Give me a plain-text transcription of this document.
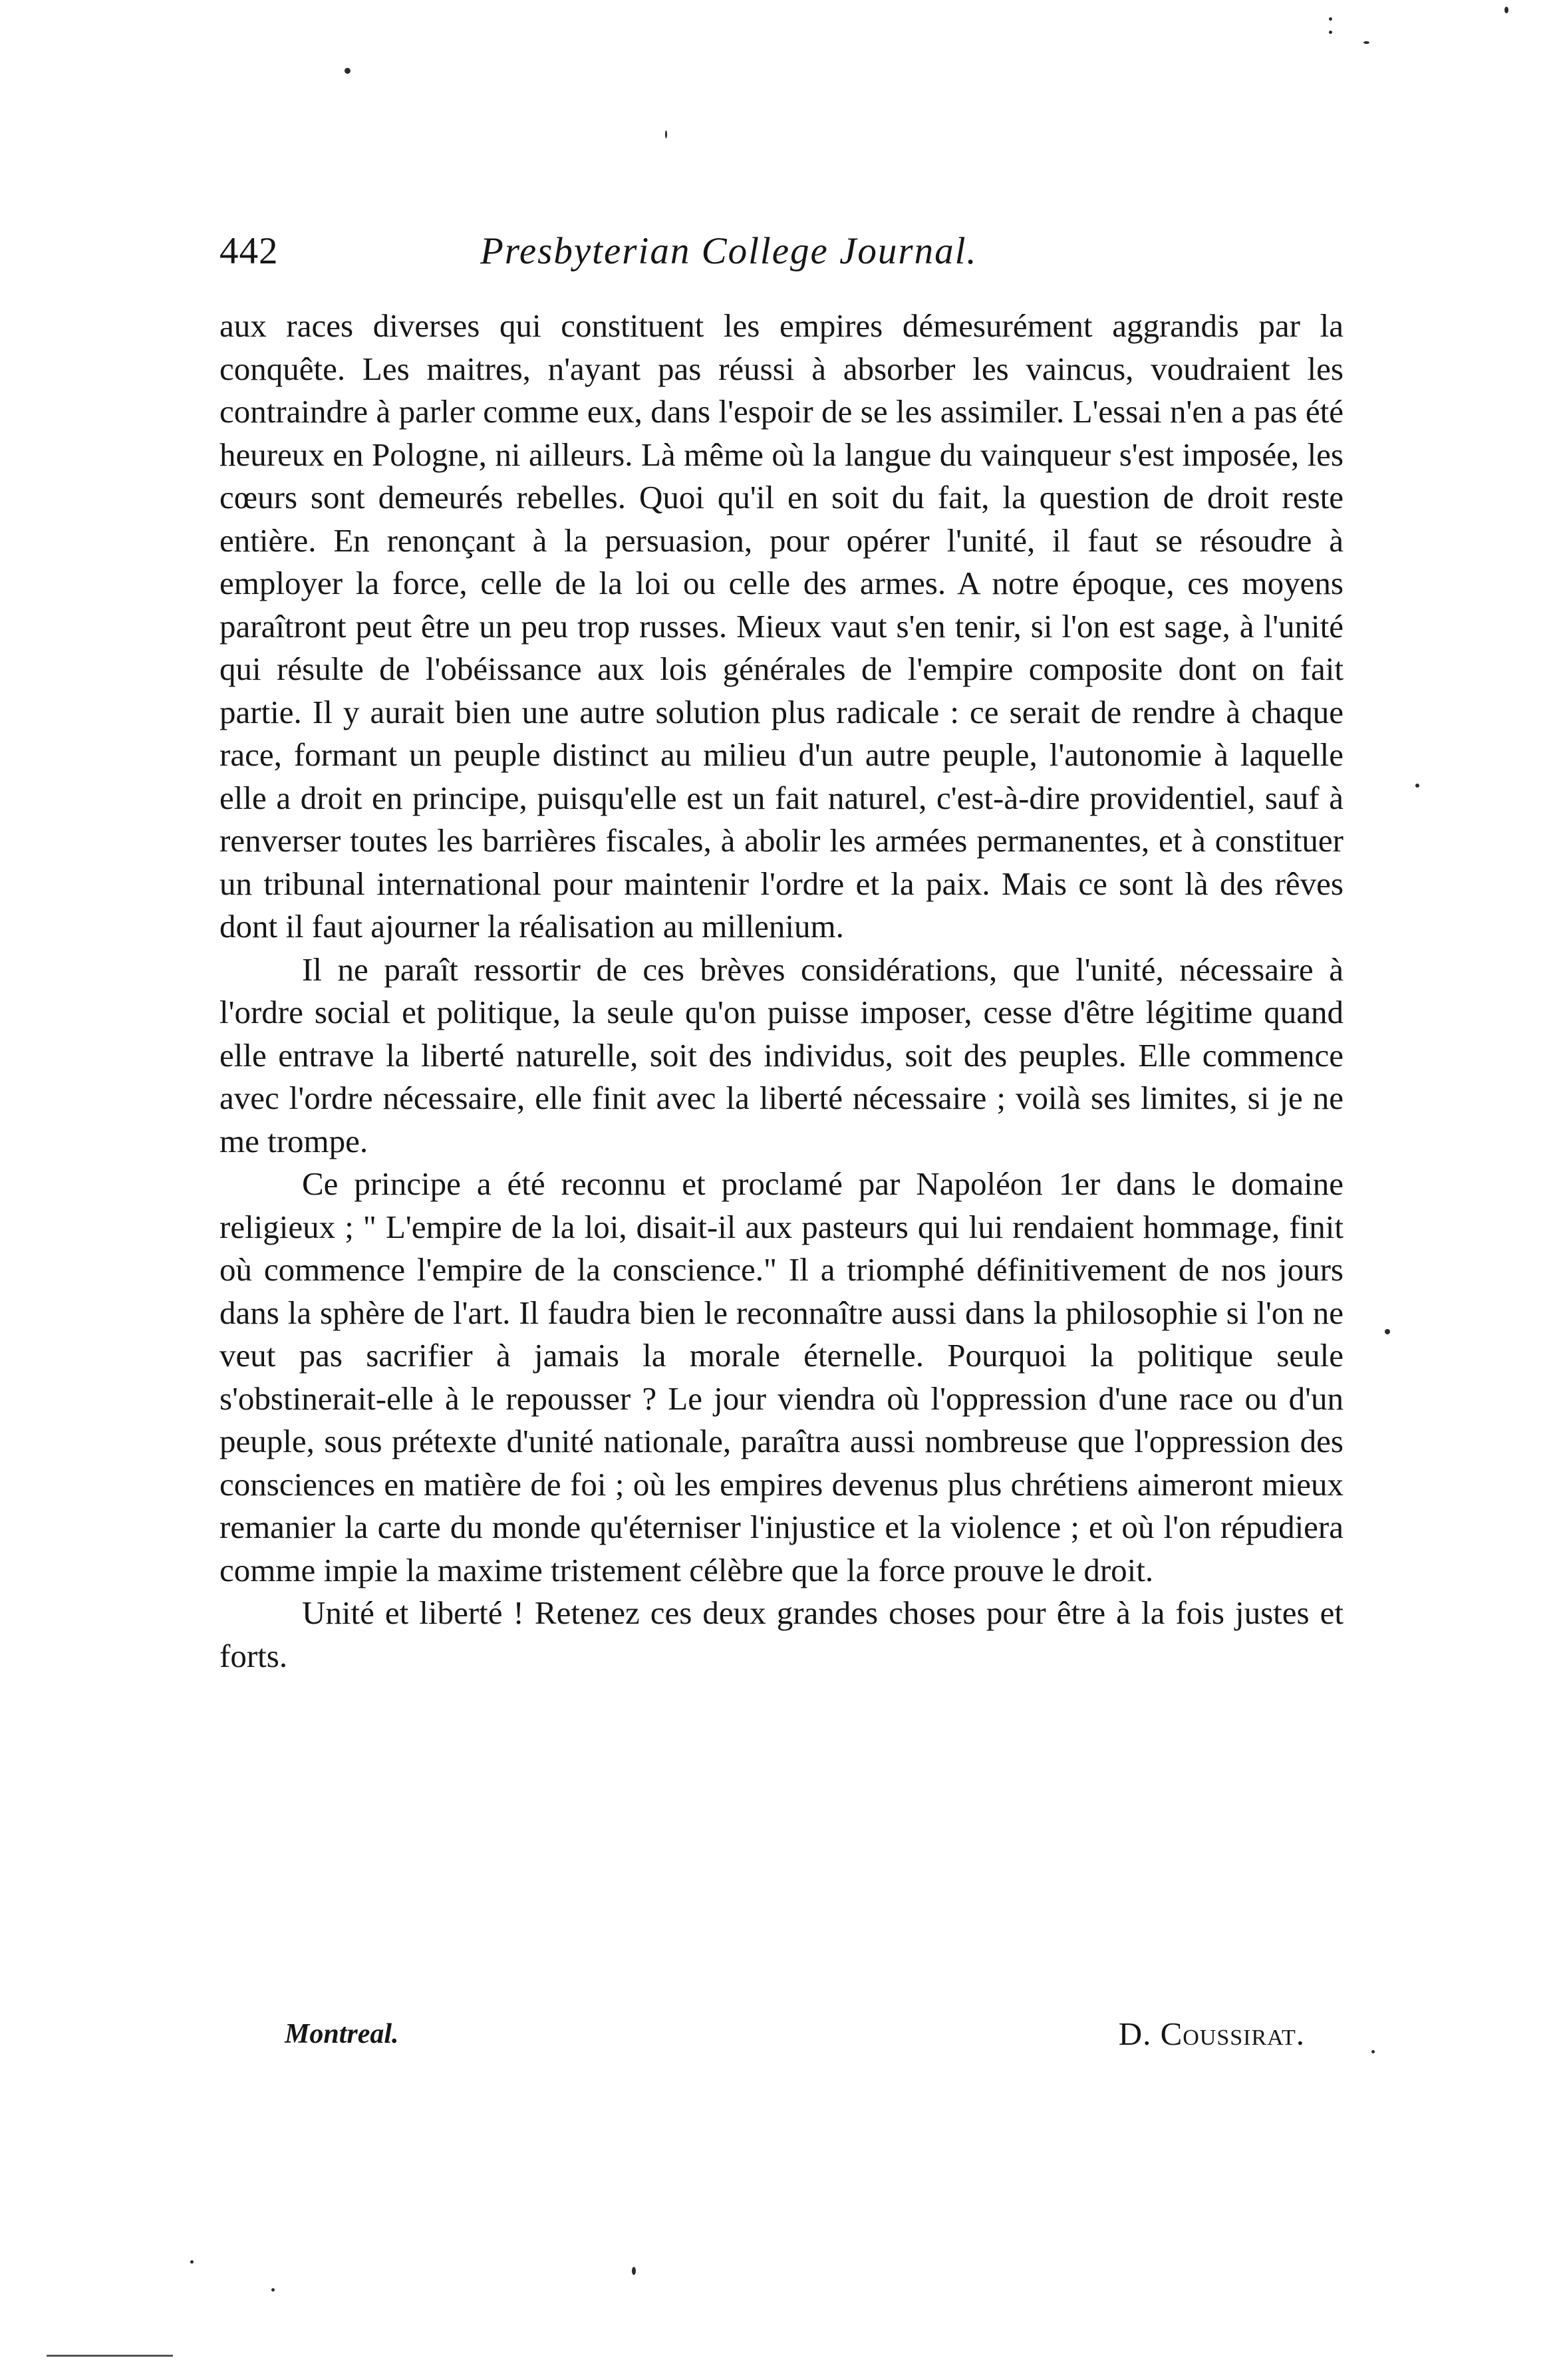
442	Presbyterian College Journal.

aux races diverses qui constituent les empires démesurément aggrandis par la conquête. Les maitres, n'ayant pas réussi à absorber les vaincus, voudraient les contraindre à parler comme eux, dans l'espoir de se les assimiler. L'essai n'en a pas été heureux en Pologne, ni ailleurs. Là même où la langue du vainqueur s'est imposée, les cœurs sont demeurés rebelles. Quoi qu'il en soit du fait, la question de droit reste entière. En renonçant à la persuasion, pour opérer l'unité, il faut se résoudre à employer la force, celle de la loi ou celle des armes. A notre époque, ces moyens paraîtront peut être un peu trop russes. Mieux vaut s'en tenir, si l'on est sage, à l'unité qui résulte de l'obéissance aux lois générales de l'empire composite dont on fait partie. Il y aurait bien une autre solution plus radicale : ce serait de rendre à chaque race, formant un peuple distinct au milieu d'un autre peuple, l'autonomie à laquelle elle a droit en principe, puisqu'elle est un fait naturel, c'est-à-dire providentiel, sauf à renverser toutes les barrières fiscales, à abolir les armées permanentes, et à constituer un tribunal international pour maintenir l'ordre et la paix. Mais ce sont là des rêves dont il faut ajourner la réalisation au millenium.

Il ne paraît ressortir de ces brèves considérations, que l'unité, nécessaire à l'ordre social et politique, la seule qu'on puisse imposer, cesse d'être légitime quand elle entrave la liberté naturelle, soit des individus, soit des peuples. Elle commence avec l'ordre nécessaire, elle finit avec la liberté nécessaire ; voilà ses limites, si je ne me trompe.

Ce principe a été reconnu et proclamé par Napoléon 1er dans le domaine religieux ; " L'empire de la loi, disait-il aux pasteurs qui lui rendaient hommage, finit où commence l'empire de la conscience." Il a triomphé définitivement de nos jours dans la sphère de l'art. Il faudra bien le reconnaître aussi dans la philosophie si l'on ne veut pas sacrifier à jamais la morale éternelle. Pourquoi la politique seule s'obstinerait-elle à le repousser ? Le jour viendra où l'oppression d'une race ou d'un peuple, sous prétexte d'unité nationale, paraîtra aussi nombreuse que l'oppression des consciences en matière de foi ; où les empires devenus plus chrétiens aimeront mieux remanier la carte du monde qu'éterniser l'injustice et la violence ; et où l'on répudiera comme impie la maxime tristement célèbre que la force prouve le droit.

Unité et liberté ! Retenez ces deux grandes choses pour être à la fois justes et forts.

Montreal.	D. Coussirat.
